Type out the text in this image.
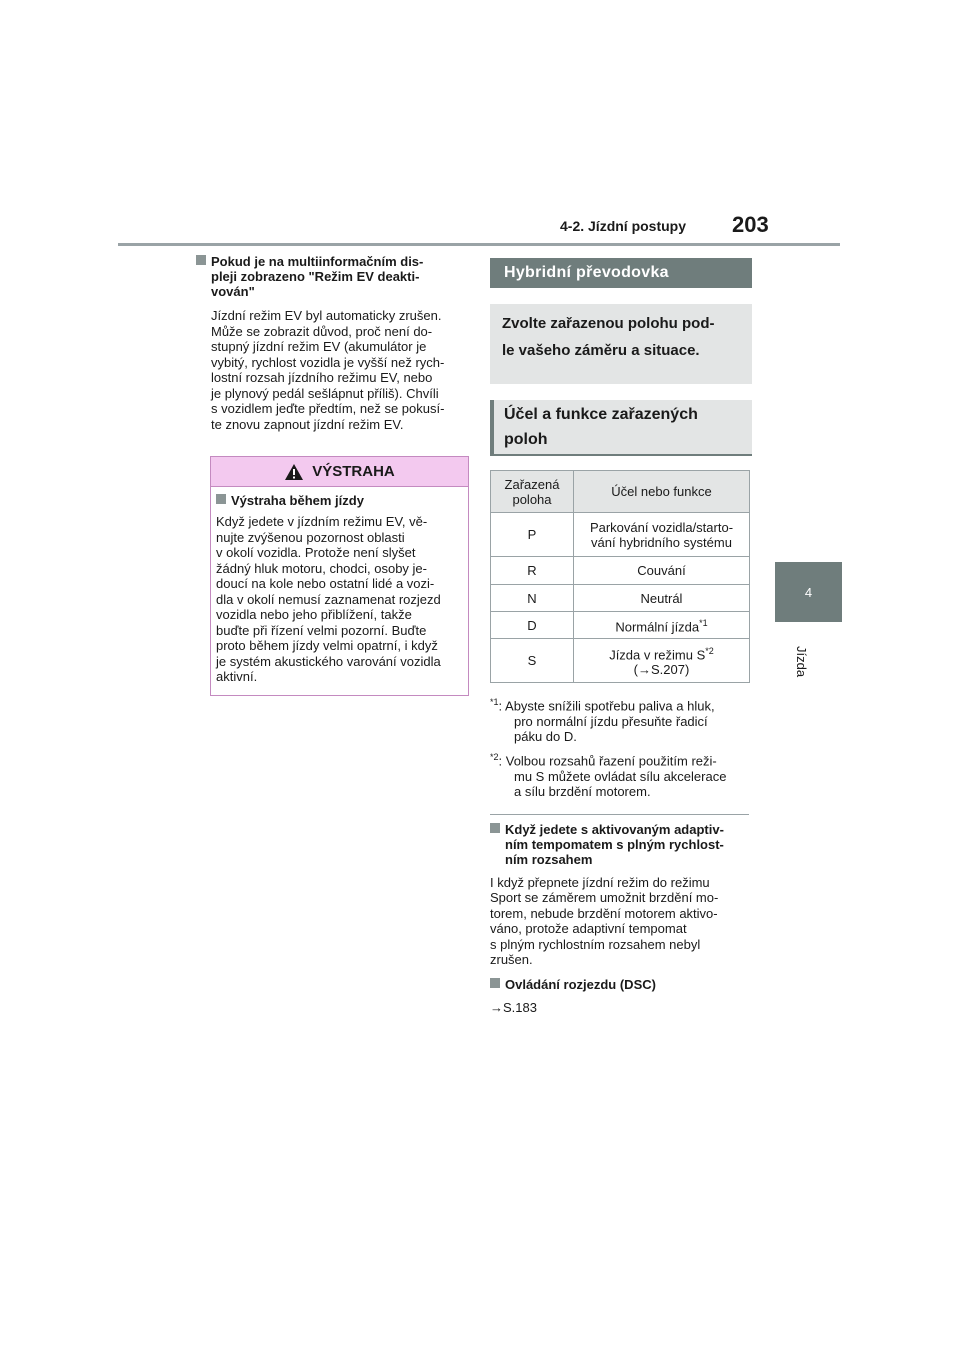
4-2. Jízdní postupy 203
4
Jízda
Pokud je na multiinformačním dis-
pleji zobrazeno "Režim EV deakti-
vován"
Jízdní režim EV byl automaticky zrušen.
Může se zobrazit důvod, proč není do-
stupný jízdní režim EV (akumulátor je
vybitý, rychlost vozidla je vyšší než rych-
lostní rozsah jízdního režimu EV, nebo
je plynový pedál sešlápnut příliš). Chvíli
s vozidlem jeďte předtím, než se pokusí-
te znovu zapnout jízdní režim EV.
VÝSTRAHA
Výstraha během jízdy
Když jedete v jízdním režimu EV, vě-
nujte zvýšenou pozornost oblasti
v okolí vozidla. Protože není slyšet
žádný hluk motoru, chodci, osoby je-
doucí na kole nebo ostatní lidé a vozi-
dla v okolí nemusí zaznamenat rozjezd
vozidla nebo jeho přiblížení, takže
buďte při řízení velmi pozorní. Buďte
proto během jízdy velmi opatrní, i když
je systém akustického varování vozidla
aktivní.
Hybridní převodovka
Zvolte zařazenou polohu pod-
le vašeho záměru a situace.
Účel a funkce zařazených
poloh
Zařazená
poloha	Účel nebo funkce
P	Parkování vozidla/starto-
vání hybridního systému
R	Couvání
N	Neutrál
D	Normální jízda$^{*1}$
S	Jízda v režimu $S^{*2}$
(→S.207)
$^{*1}$: Abyste snížili spotřebu paliva a hluk,
pro normální jízdu přesuňte řadicí
páku do D.
$^{*2}$: Volbou rozsahů řazení použitím reži-
mu S můžete ovládat sílu akcelerace
a sílu brzdění motorem.
Když jedete s aktivovaným adaptiv-
ním tempomatem s plným rychlost-
ním rozsahem
I když přepnete jízdní režim do režimu
Sport se záměrem umožnit brzdění mo-
torem, nebude brzdění motorem aktivo-
váno, protože adaptivní tempomat
s plným rychlostním rozsahem nebyl
zrušen.
Ovládání rozjezdu (DSC)
→S.183
